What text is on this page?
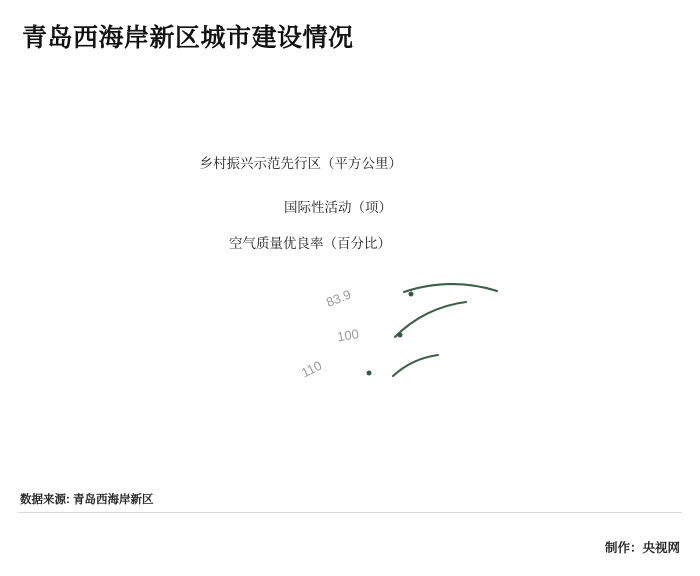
青岛西海岸新区城市建设情况
乡村振兴示范先行区（平方公里）
国际性活动（项）
空气质量优良率（百分比）
83.9
100
110
数据来源: 青岛西海岸新区
制作：央视网
